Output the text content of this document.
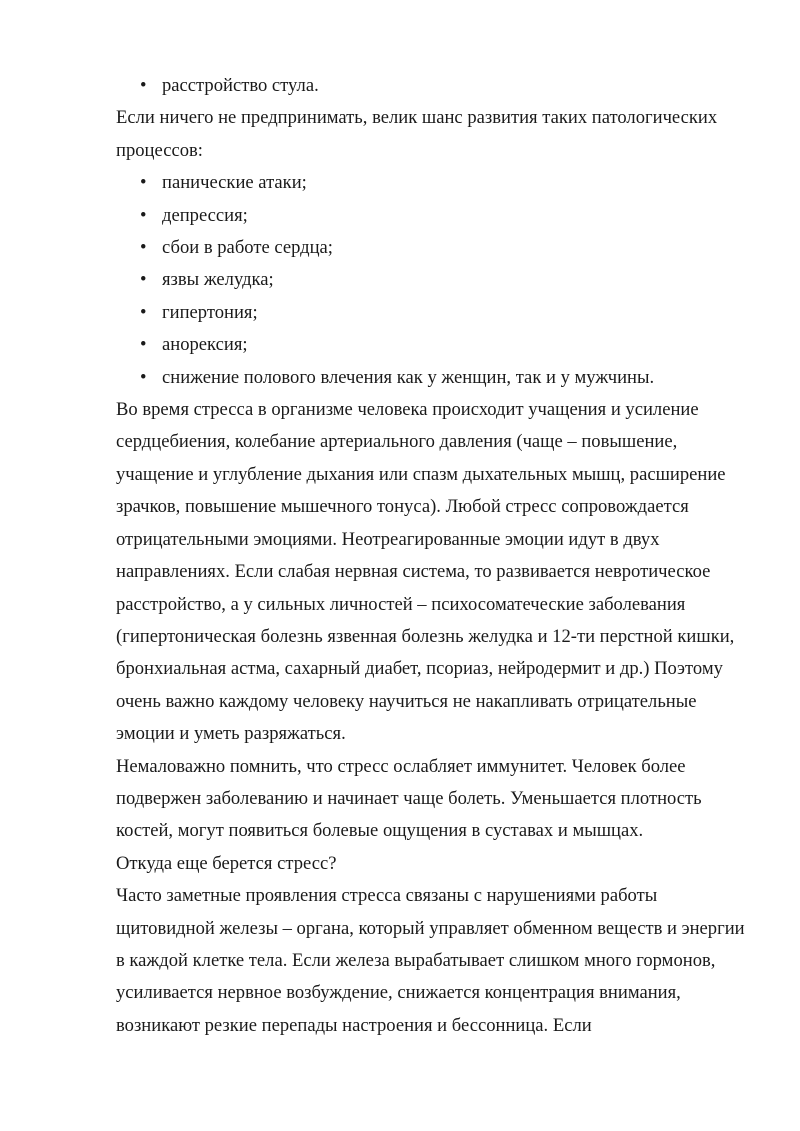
• расстройство стула.

Если ничего не предпринимать, велик шанс развития таких патологических процессов:

• панические атаки;
• депрессия;
• сбои в работе сердца;
• язвы желудка;
• гипертония;
• анорексия;
• снижение полового влечения как у женщин, так и у мужчины.

Во время стресса в организме человека происходит учащения и усиление сердцебиения, колебание артериального давления (чаще – повышение, учащение и углубление дыхания или спазм дыхательных мышц, расширение зрачков, повышение мышечного тонуса). Любой стресс сопровождается отрицательными эмоциями. Неотреагированные эмоции идут в двух направлениях. Если слабая нервная система, то развивается невротическое расстройство, а у сильных личностей – психосоматеческие заболевания (гипертоническая болезнь язвенная болезнь желудка и 12-ти перстной кишки, бронхиальная астма, сахарный диабет, псориаз, нейродермит и др.) Поэтому очень важно каждому человеку научиться не накапливать отрицательные эмоции и уметь разряжаться.

Немаловажно помнить, что стресс ослабляет иммунитет. Человек более подвержен заболеванию и начинает чаще болеть. Уменьшается плотность костей, могут появиться болевые ощущения в суставах и мышцах.

Откуда еще берется стресс?

Часто заметные проявления стресса связаны с нарушениями работы щитовидной железы – органа, который управляет обменном веществ и энергии в каждой клетке тела. Если железа вырабатывает слишком много гормонов, усиливается нервное возбуждение, снижается концентрация внимания, возникают резкие перепады настроения и бессонница. Если
